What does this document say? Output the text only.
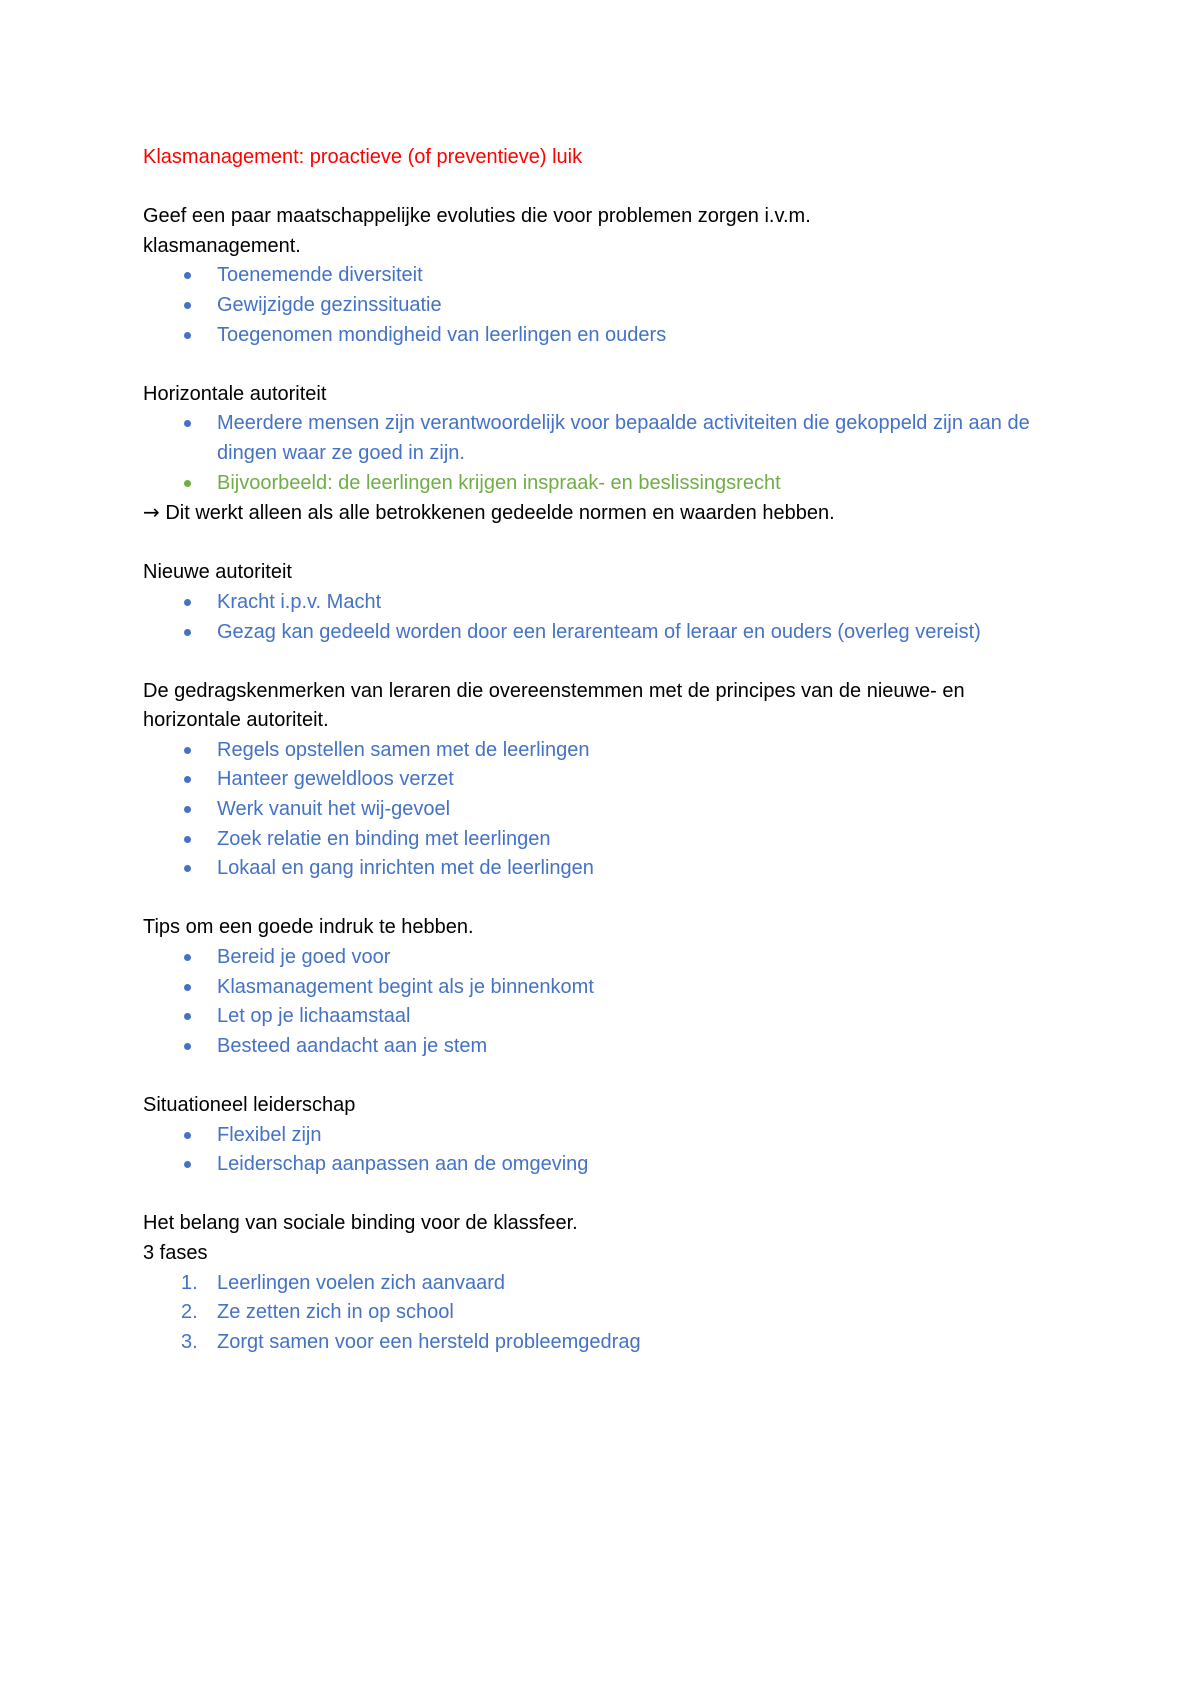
Klasmanagement: proactieve (of preventieve) luik

Geef een paar maatschappelijke evoluties die voor problemen zorgen i.v.m.
klasmanagement.

Toenemende diversiteit
Gewijzigde gezinssituatie
Toegenomen mondigheid van leerlingen en ouders

Horizontale autoriteit

Meerdere mensen zijn verantwoordelijk voor bepaalde activiteiten die gekoppeld zijn aan de dingen waar ze goed in zijn.
Bijvoorbeeld: de leerlingen krijgen inspraak- en beslissingsrecht

→ Dit werkt alleen als alle betrokkenen gedeelde normen en waarden hebben.

Nieuwe autoriteit

Kracht i.p.v. Macht
Gezag kan gedeeld worden door een lerarenteam of leraar en ouders (overleg vereist)

De gedragskenmerken van leraren die overeenstemmen met de principes van de nieuwe- en
horizontale autoriteit.

Regels opstellen samen met de leerlingen
Hanteer geweldloos verzet
Werk vanuit het wij-gevoel
Zoek relatie en binding met leerlingen
Lokaal en gang inrichten met de leerlingen

Tips om een goede indruk te hebben.

Bereid je goed voor
Klasmanagement begint als je binnenkomt
Let op je lichaamstaal
Besteed aandacht aan je stem

Situationeel leiderschap

Flexibel zijn
Leiderschap aanpassen aan de omgeving

Het belang van sociale binding voor de klassfeer.

3 fases

1. Leerlingen voelen zich aanvaard
2. Ze zetten zich in op school
3. Zorgt samen voor een hersteld probleemgedrag
